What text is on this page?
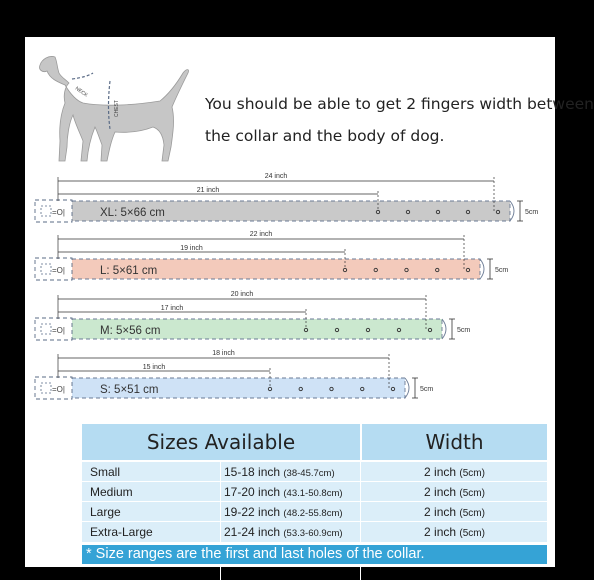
NECK
CHEST
=O|	XL: 5×66 cm
24 inch
21 inch
5cm
=O|	L: 5×61 cm
22 inch
19 inch
5cm
=O|	M: 5×56 cm
20 inch
17 inch
5cm
=O|	S: 5×51 cm
18 inch
15 inch
5cm
You should be able to get 2 fingers width between
the collar and the body of dog.
Sizes Available	Width
Small	15-18 inch (38-45.7cm)	2 inch (5cm)
Medium	17-20 inch (43.1-50.8cm)	2 inch (5cm)
Large	19-22 inch (48.2-55.8cm)	2 inch (5cm)
Extra-Large	21-24 inch (53.3-60.9cm)	2 inch (5cm)
* Size ranges are the first and last holes of the collar.
